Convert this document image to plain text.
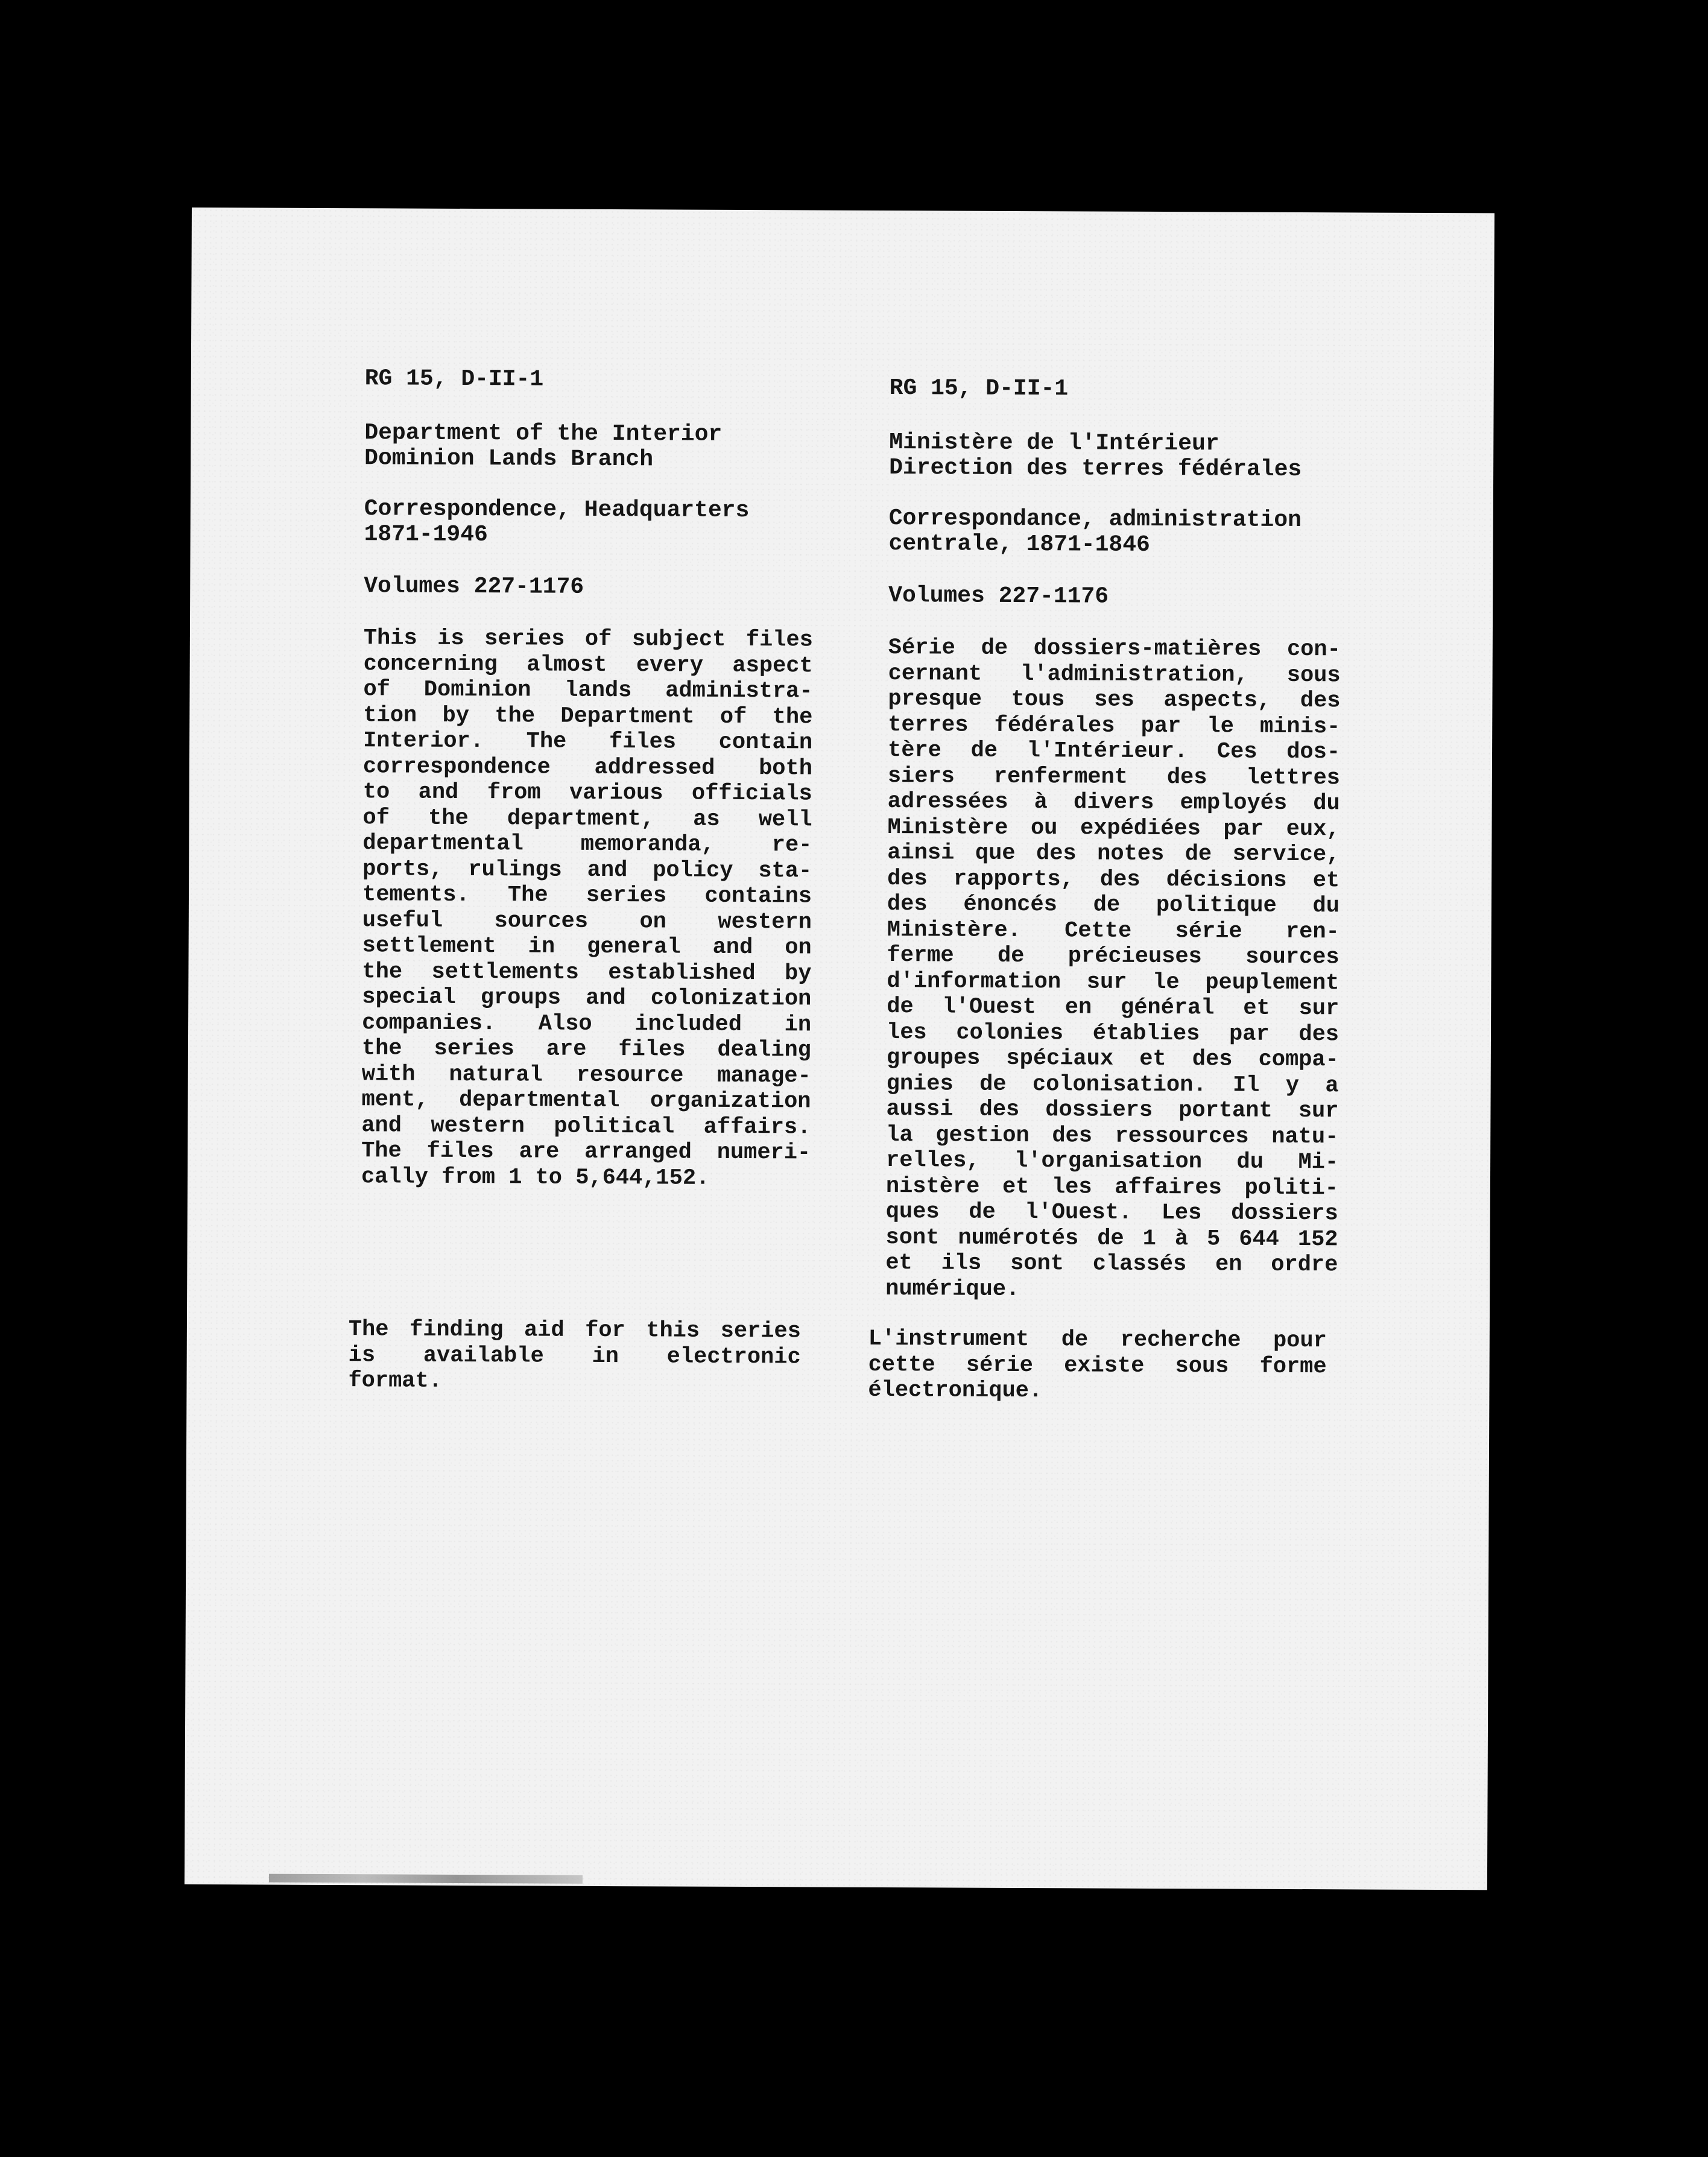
RG 15, D-II-1
Department of the Interior
Dominion Lands Branch
Correspondence, Headquarters
1871-1946
Volumes 227-1176
This is series of subject files
concerning almost every aspect
of Dominion lands administra-
tion by the Department of the
Interior. The files contain
correspondence addressed both
to and from various officials
of the department, as well
departmental memoranda, re-
ports, rulings and policy sta-
tements. The series contains
useful sources on western
settlement in general and on
the settlements established by
special groups and colonization
companies. Also included in
the series are files dealing
with natural resource manage-
ment, departmental organization
and western political affairs.
The files are arranged numeri-
cally from 1 to 5,644,152.
The finding aid for this series
is available in electronic
format.
RG 15, D-II-1
Ministère de l'Intérieur
Direction des terres fédérales
Correspondance, administration
centrale, 1871-1846
Volumes 227-1176
Série de dossiers-matières con-
cernant l'administration, sous
presque tous ses aspects, des
terres fédérales par le minis-
tère de l'Intérieur. Ces dos-
siers renferment des lettres
adressées à divers employés du
Ministère ou expédiées par eux,
ainsi que des notes de service,
des rapports, des décisions et
des énoncés de politique du
Ministère. Cette série ren-
ferme de précieuses sources
d'information sur le peuplement
de l'Ouest en général et sur
les colonies établies par des
groupes spéciaux et des compa-
gnies de colonisation. Il y a
aussi des dossiers portant sur
la gestion des ressources natu-
relles, l'organisation du Mi-
nistère et les affaires politi-
ques de l'Ouest. Les dossiers
sont numérotés de 1 à 5 644 152
et ils sont classés en ordre
numérique.
L'instrument de recherche pour
cette série existe sous forme
électronique.
